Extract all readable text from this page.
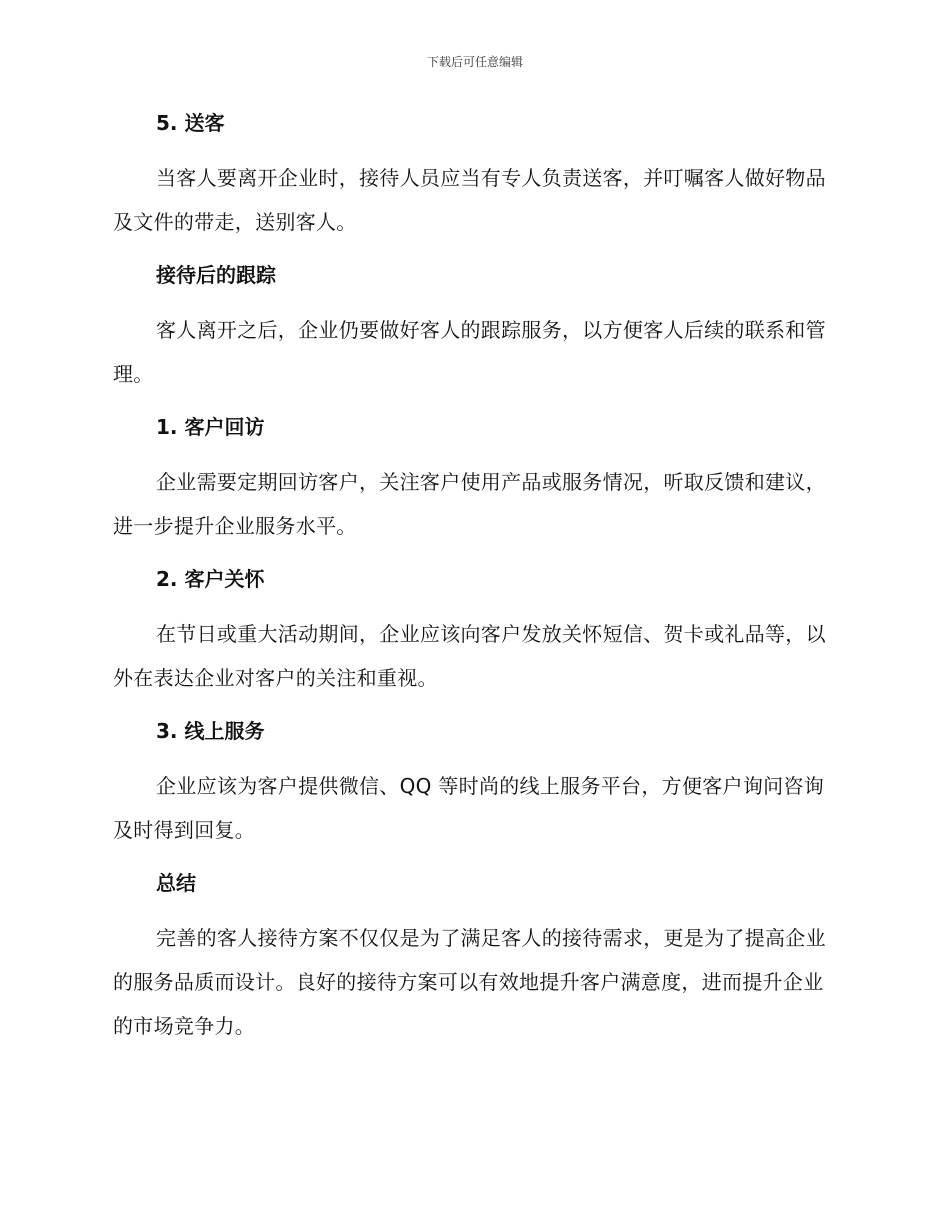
下载后可任意编辑
5. 送客
当客人要离开企业时，接待人员应当有专人负责送客，并叮嘱客人做好物品及文件的带走，送别客人。
接待后的跟踪
客人离开之后，企业仍要做好客人的跟踪服务，以方便客人后续的联系和管理。
1. 客户回访
企业需要定期回访客户，关注客户使用产品或服务情况，听取反馈和建议，进一步提升企业服务水平。
2. 客户关怀
在节日或重大活动期间，企业应该向客户发放关怀短信、贺卡或礼品等，以外在表达企业对客户的关注和重视。
3. 线上服务
企业应该为客户提供微信、QQ 等时尚的线上服务平台，方便客户询问咨询及时得到回复。
总结
完善的客人接待方案不仅仅是为了满足客人的接待需求，更是为了提高企业的服务品质而设计。良好的接待方案可以有效地提升客户满意度，进而提升企业的市场竞争力。
